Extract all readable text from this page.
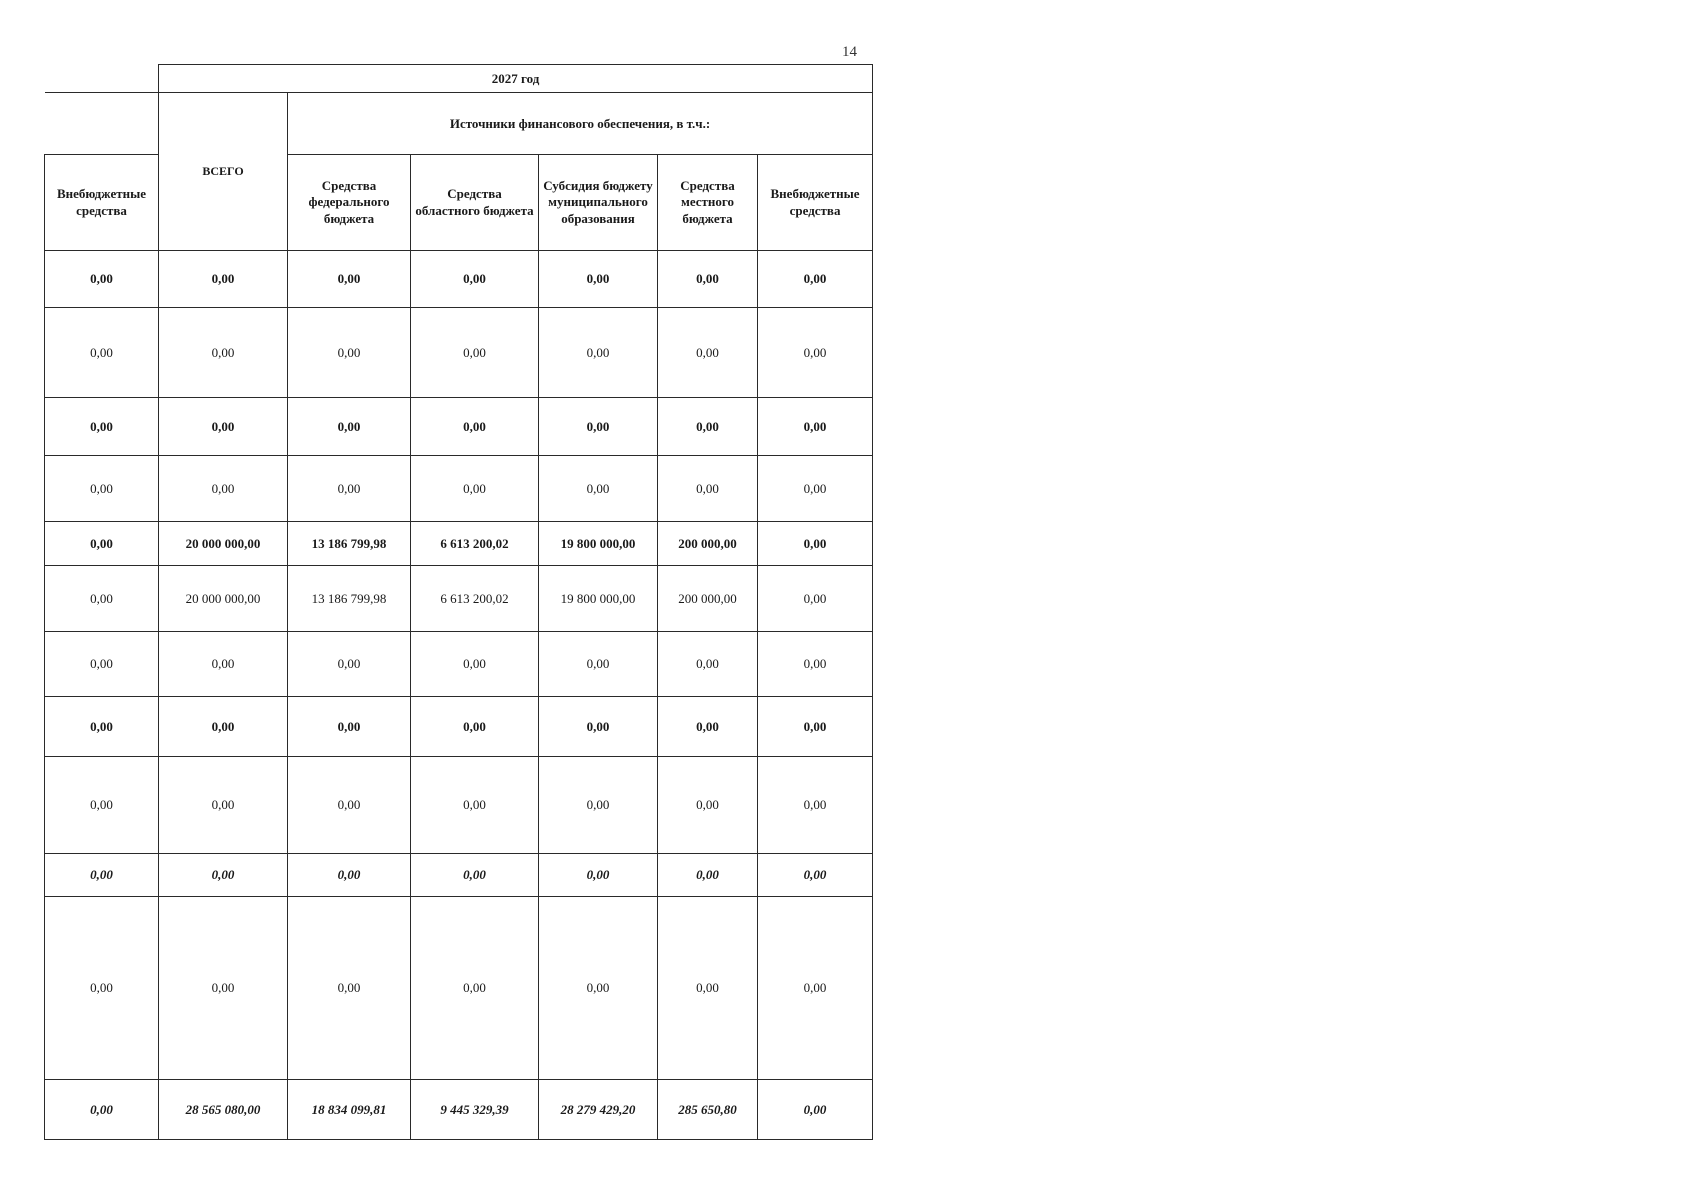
14
	2027 год					
	ВСЕГО	Источники финансового обеспечения, в т.ч.:				
Внебюджетные средства		Средства федерального бюджета	Средства областного бюджета	Субсидия бюджету муниципального образования	Средства местного бюджета	Внебюджетные средства
0,00	0,00	0,00	0,00	0,00	0,00	0,00
0,00	0,00	0,00	0,00	0,00	0,00	0,00
0,00	0,00	0,00	0,00	0,00	0,00	0,00
0,00	0,00	0,00	0,00	0,00	0,00	0,00
0,00	20 000 000,00	13 186 799,98	6 613 200,02	19 800 000,00	200 000,00	0,00
0,00	20 000 000,00	13 186 799,98	6 613 200,02	19 800 000,00	200 000,00	0,00
0,00	0,00	0,00	0,00	0,00	0,00	0,00
0,00	0,00	0,00	0,00	0,00	0,00	0,00
0,00	0,00	0,00	0,00	0,00	0,00	0,00
0,00	0,00	0,00	0,00	0,00	0,00	0,00
0,00	0,00	0,00	0,00	0,00	0,00	0,00
0,00	28 565 080,00	18 834 099,81	9 445 329,39	28 279 429,20	285 650,80	0,00
